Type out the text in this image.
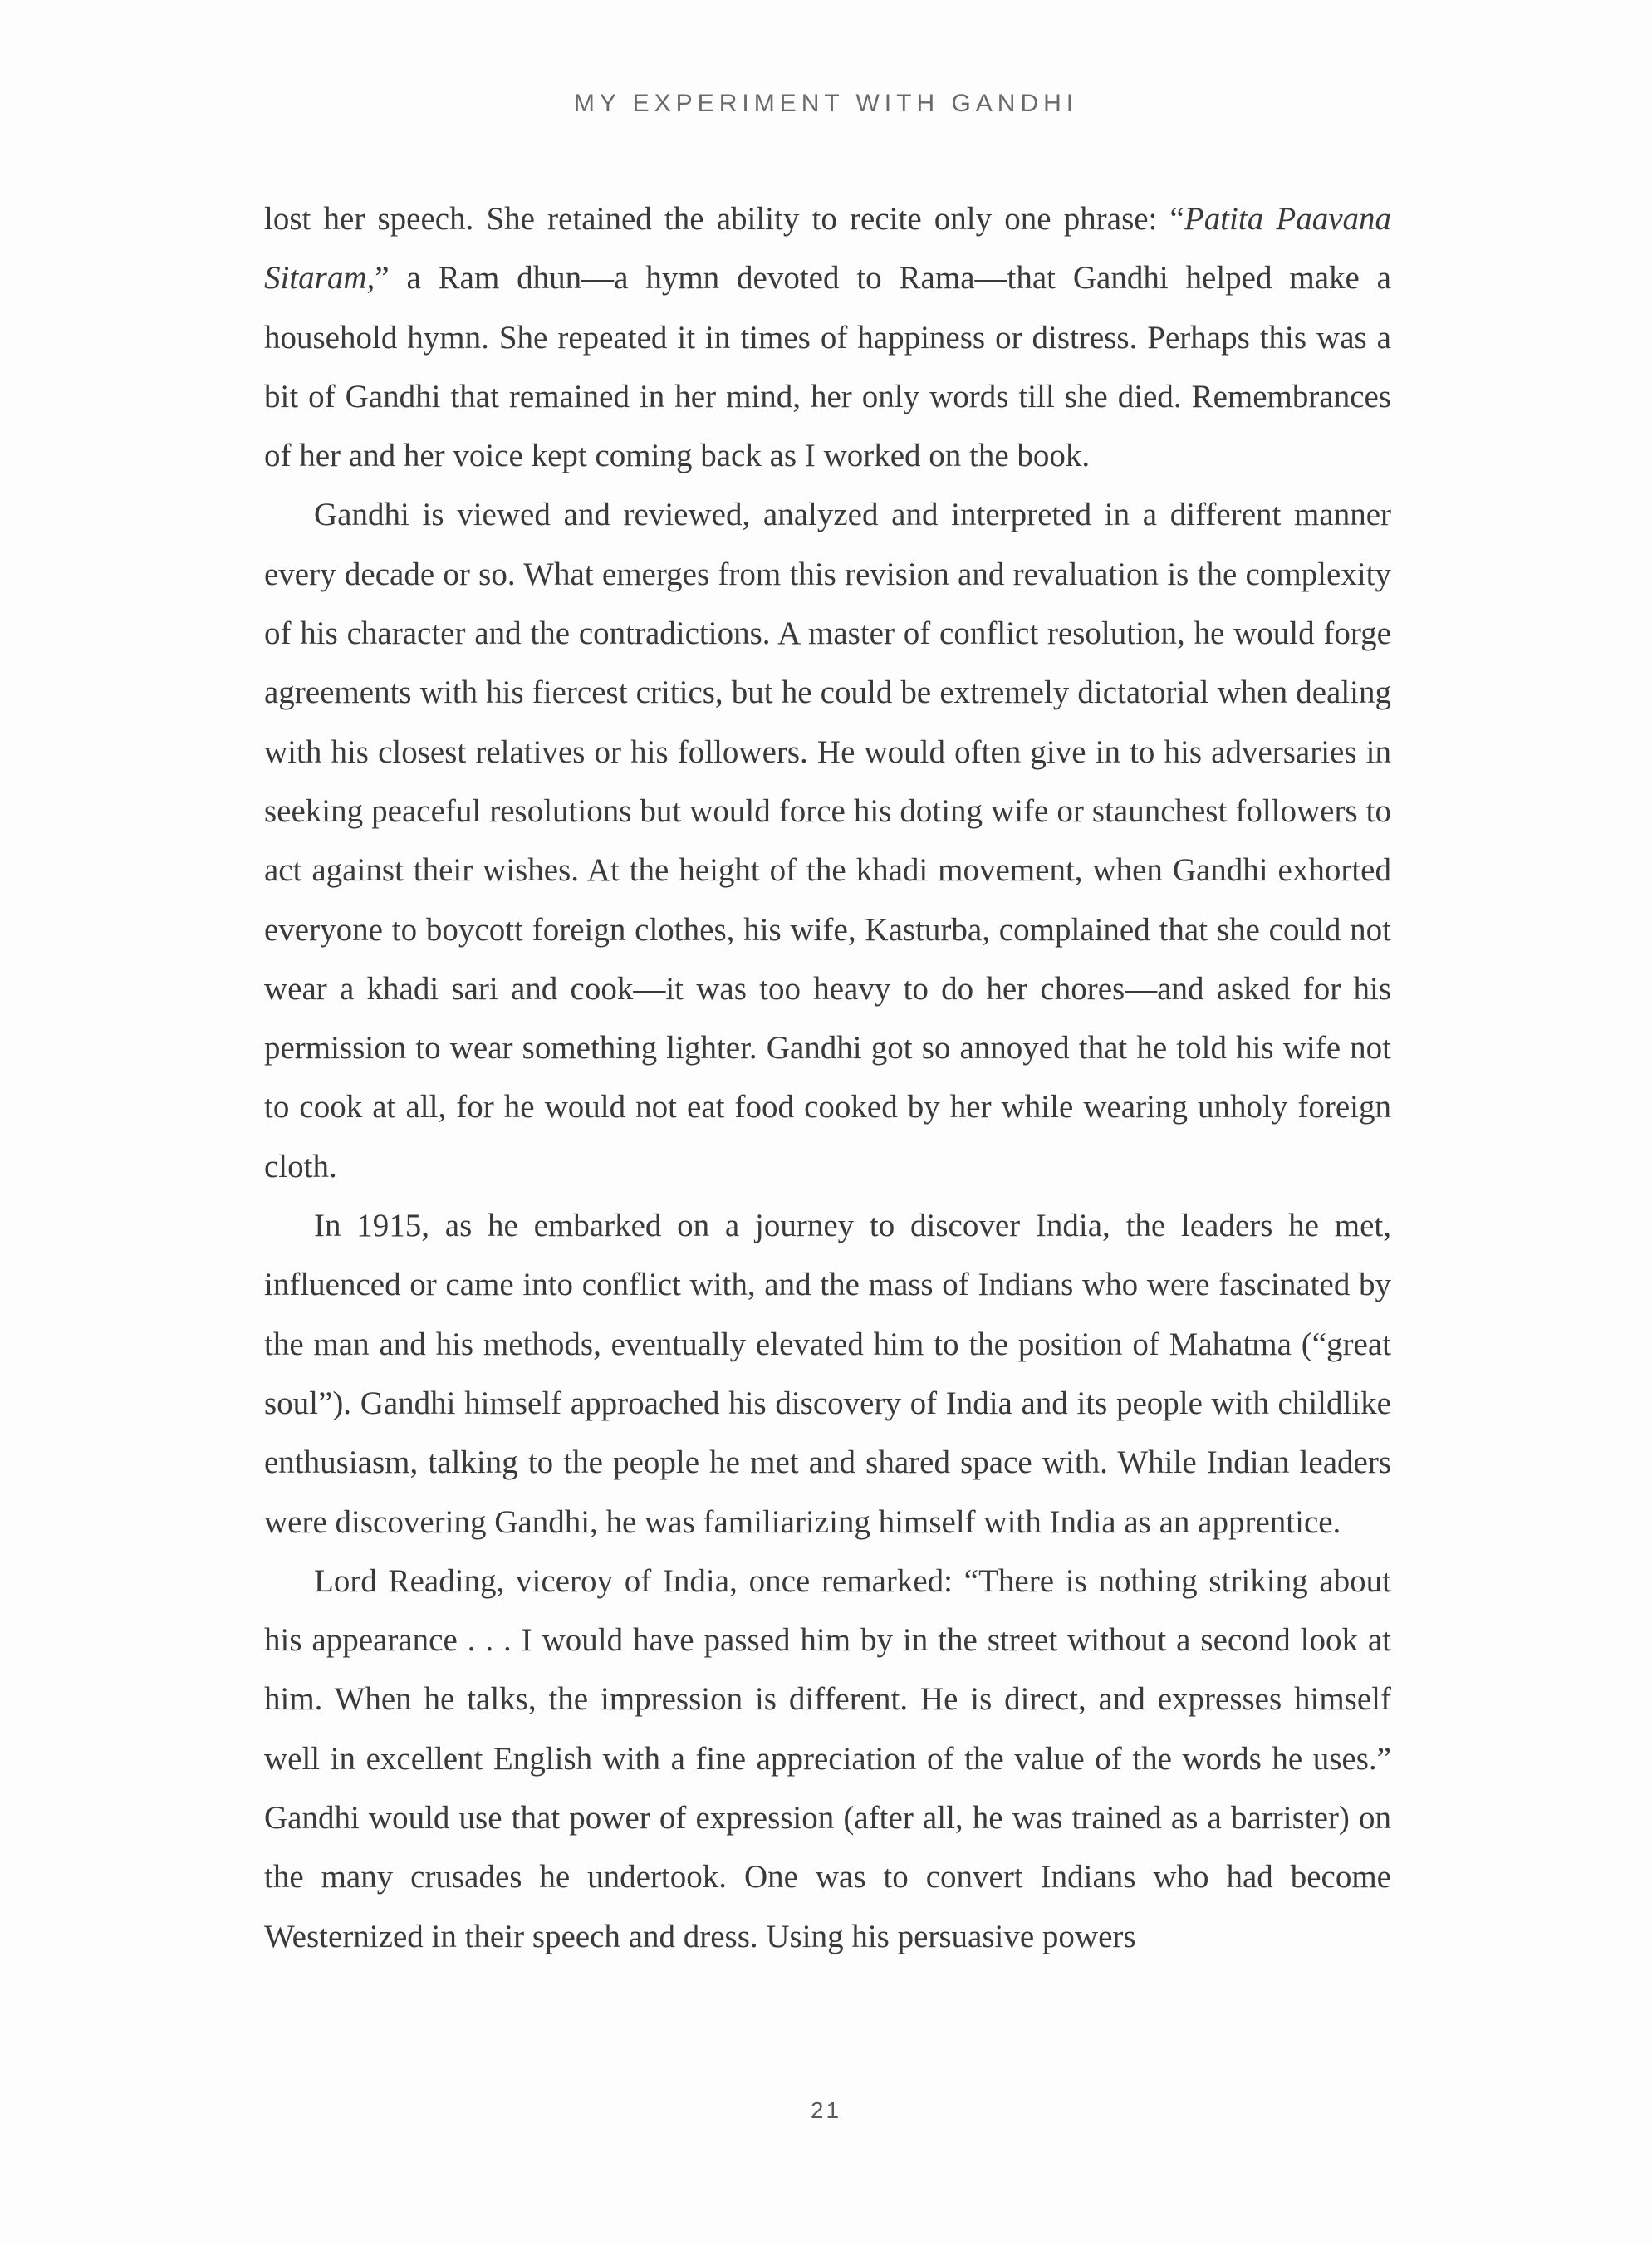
MY EXPERIMENT WITH GANDHI

lost her speech. She retained the ability to recite only one phrase: “Patita Paavana Sitaram,” a Ram dhun—a hymn devoted to Rama—that Gandhi helped make a household hymn. She repeated it in times of happiness or distress. Perhaps this was a bit of Gandhi that remained in her mind, her only words till she died. Remembrances of her and her voice kept coming back as I worked on the book.

Gandhi is viewed and reviewed, analyzed and interpreted in a different manner every decade or so. What emerges from this revision and revaluation is the complexity of his character and the contradictions. A master of conflict resolution, he would forge agreements with his fiercest critics, but he could be extremely dictatorial when dealing with his closest relatives or his followers. He would often give in to his adversaries in seeking peaceful resolutions but would force his doting wife or staunchest followers to act against their wishes. At the height of the khadi movement, when Gandhi exhorted everyone to boycott foreign clothes, his wife, Kasturba, complained that she could not wear a khadi sari and cook—it was too heavy to do her chores—and asked for his permission to wear something lighter. Gandhi got so annoyed that he told his wife not to cook at all, for he would not eat food cooked by her while wearing unholy foreign cloth.

In 1915, as he embarked on a journey to discover India, the leaders he met, influenced or came into conflict with, and the mass of Indians who were fascinated by the man and his methods, eventually elevated him to the position of Mahatma (“great soul”). Gandhi himself approached his discovery of India and its people with childlike enthusiasm, talking to the people he met and shared space with. While Indian leaders were discovering Gandhi, he was familiarizing himself with India as an apprentice.

Lord Reading, viceroy of India, once remarked: “There is nothing striking about his appearance . . . I would have passed him by in the street without a second look at him. When he talks, the impression is different. He is direct, and expresses himself well in excellent English with a fine appreciation of the value of the words he uses.” Gandhi would use that power of expression (after all, he was trained as a barrister) on the many crusades he undertook. One was to convert Indians who had become Westernized in their speech and dress. Using his persuasive powers

21
